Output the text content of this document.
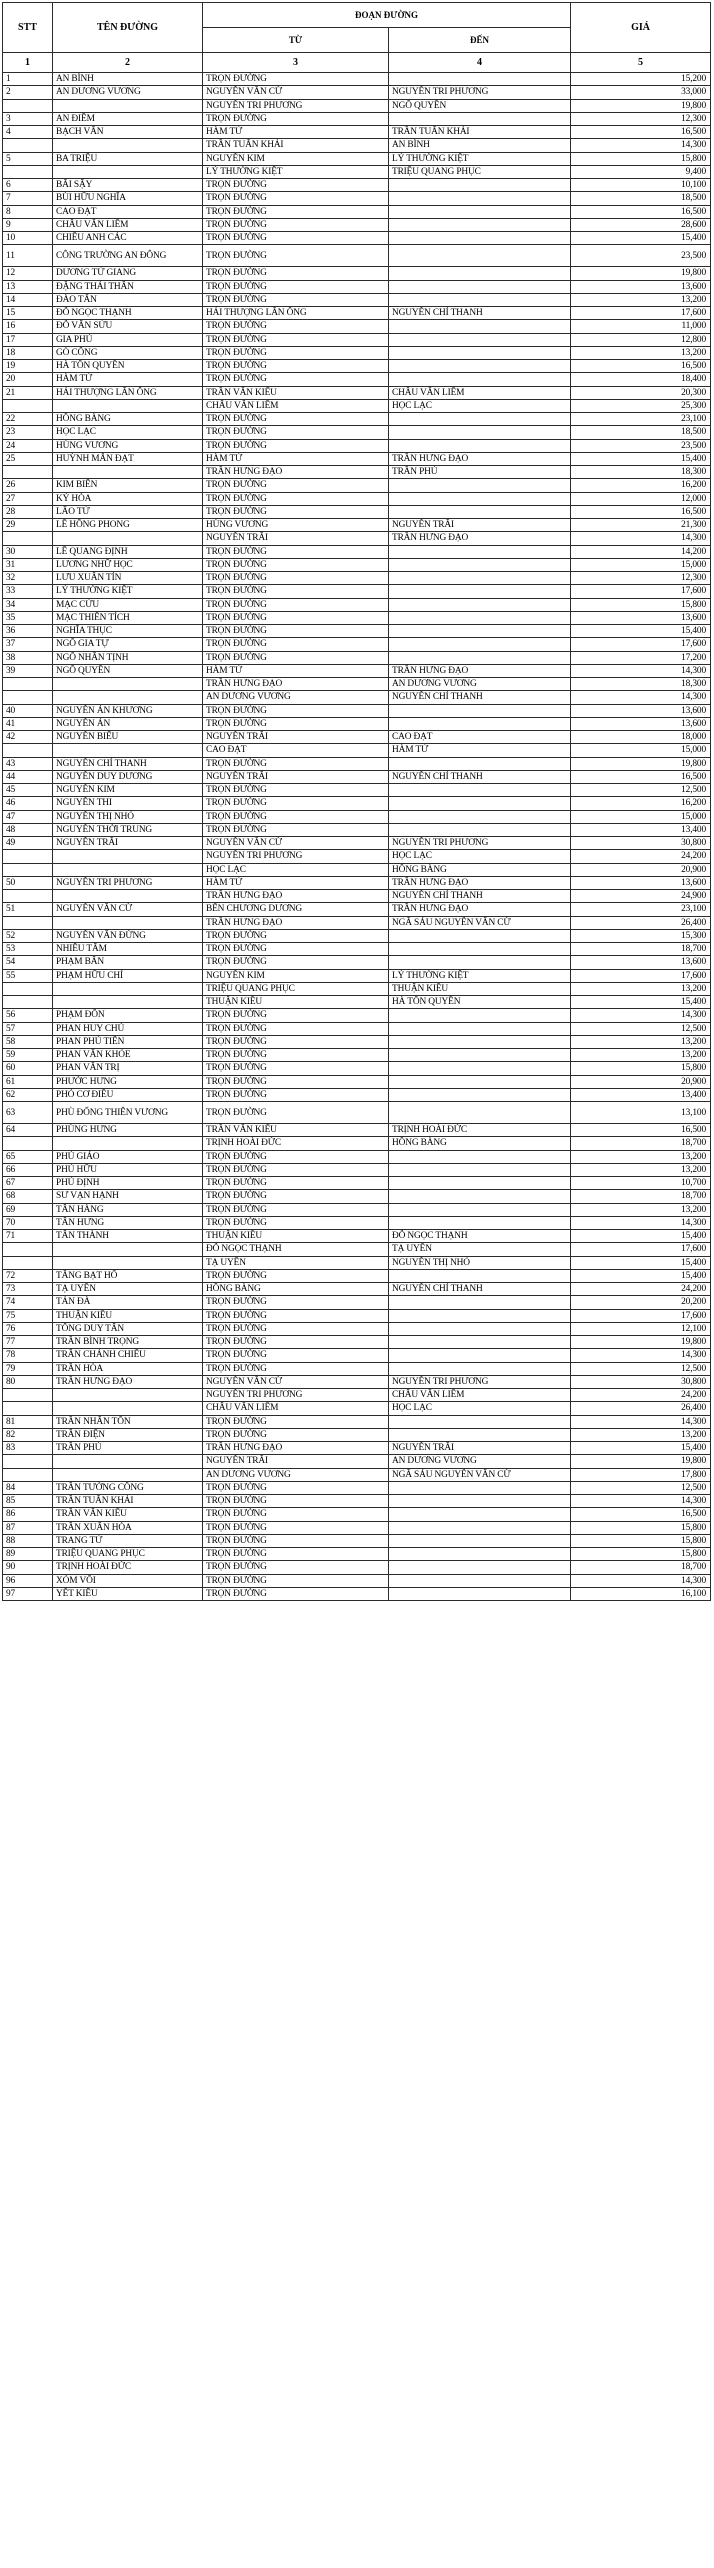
STT	TÊN ĐƯỜNG	ĐOẠN ĐƯỜNG		GIÁ
		TỪ	ĐẾN	
1	2	3	4	5
1	AN BÌNH	TRỌN ĐƯỜNG		15,200
2	AN DƯƠNG VƯƠNG	NGUYỄN VĂN CỪ	NGUYỄN TRI PHƯƠNG	33,000
		NGUYỄN TRI PHƯƠNG	NGÔ QUYỀN	19,800
3	AN ĐIỀM	TRỌN ĐƯỜNG		12,300
4	BẠCH VÂN	HÀM TỬ	TRẦN TUẤN KHẢI	16,500
		TRẦN TUẤN KHẢI	AN BÌNH	14,300
5	BA TRIỆU	NGUYỄN KIM	LÝ THƯỜNG KIỆT	15,800
		LÝ THƯỜNG KIỆT	TRIỆU QUANG PHỤC	9,400
6	BÃI SẬY	TRỌN ĐƯỜNG		10,100
7	BÙI HỮU NGHĨA	TRỌN ĐƯỜNG		18,500
8	CAO ĐẠT	TRỌN ĐƯỜNG		16,500
9	CHÂU VĂN LIÊM	TRỌN ĐƯỜNG		28,600
10	CHIÊU ANH CÁC	TRỌN ĐƯỜNG		15,400
11	CÔNG TRƯỜNG AN ĐÔNG	TRỌN ĐƯỜNG		23,500
12	DƯƠNG TỬ GIANG	TRỌN ĐƯỜNG		19,800
13	ĐẶNG THÁI THÂN	TRỌN ĐƯỜNG		13,600
14	ĐÀO TẤN	TRỌN ĐƯỜNG		13,200
15	ĐỖ NGỌC THẠNH	HẢI THƯỢNG LÃN ÔNG	NGUYỄN CHÍ THANH	17,600
16	ĐỖ VĂN SỬU	TRỌN ĐƯỜNG		11,000
17	GIA PHÚ	TRỌN ĐƯỜNG		12,800
18	GÒ CÔNG	TRỌN ĐƯỜNG		13,200
19	HÀ TÔN QUYỀN	TRỌN ĐƯỜNG		16,500
20	HÀM TỬ	TRỌN ĐƯỜNG		18,400
21	HẢI THƯỢNG LÃN ÔNG	TRẦN VĂN KIỂU	CHÂU VĂN LIÊM	20,300
		CHÂU VĂN LIÊM	HỌC LẠC	25,300
22	HỒNG BÀNG	TRỌN ĐƯỜNG		23,100
23	HỌC LẠC	TRỌN ĐƯỜNG		18,500
24	HÙNG VƯƠNG	TRỌN ĐƯỜNG		23,500
25	HUỲNH MẪN ĐẠT	HÀM TỬ	TRẦN HƯNG ĐẠO	15,400
		TRẦN HƯNG ĐẠO	TRẦN PHÚ	18,300
26	KIM BIÊN	TRỌN ĐƯỜNG		16,200
27	KÝ HÒA	TRỌN ĐƯỜNG		12,000
28	LÃO TỬ	TRỌN ĐƯỜNG		16,500
29	LÊ HỒNG PHONG	HÙNG VƯƠNG	NGUYỄN TRÃI	21,300
		NGUYỄN TRÃI	TRẦN HƯNG ĐẠO	14,300
30	LÊ QUANG ĐỊNH	TRỌN ĐƯỜNG		14,200
31	LƯƠNG NHỮ HỌC	TRỌN ĐƯỜNG		15,000
32	LƯU XUÂN TÍN	TRỌN ĐƯỜNG		12,300
33	LÝ THƯỜNG KIỆT	TRỌN ĐƯỜNG		17,600
34	MẠC CỬU	TRỌN ĐƯỜNG		15,800
35	MẠC THIÊN TÍCH	TRỌN ĐƯỜNG		13,600
36	NGHĨA THỤC	TRỌN ĐƯỜNG		15,400
37	NGÔ GIA TỰ	TRỌN ĐƯỜNG		17,600
38	NGÔ NHÂN TỊNH	TRỌN ĐƯỜNG		17,200
39	NGÔ QUYỀN	HÀM TỬ	TRẦN HƯNG ĐẠO	14,300
		TRẦN HƯNG ĐẠO	AN DƯƠNG VƯƠNG	18,300
		AN DƯƠNG VƯƠNG	NGUYỄN CHÍ THANH	14,300
40	NGUYỄN ÁN KHƯƠNG	TRỌN ĐƯỜNG		13,600
41	NGUYỄN ÁN	TRỌN ĐƯỜNG		13,600
42	NGUYỄN BIỂU	NGUYỄN TRÃI	CAO ĐẠT	18,000
		CAO ĐẠT	HÀM TỬ	15,000
43	NGUYỄN CHÍ THANH	TRỌN ĐƯỜNG		19,800
44	NGUYỄN DUY DƯƠNG	NGUYỄN TRÃI	NGUYỄN CHÍ THANH	16,500
45	NGUYỄN KIM	TRỌN ĐƯỜNG		12,500
46	NGUYỄN THI	TRỌN ĐƯỜNG		16,200
47	NGUYỄN THỊ NHỎ	TRỌN ĐƯỜNG		15,000
48	NGUYỄN THỜI TRUNG	TRỌN ĐƯỜNG		13,400
49	NGUYỄN TRÃI	NGUYỄN VĂN CỪ	NGUYỄN TRI PHƯƠNG	30,800
		NGUYỄN TRI PHƯƠNG	HỌC LẠC	24,200
		HỌC LẠC	HỒNG BÀNG	20,900
50	NGUYỄN TRI PHƯƠNG	HÀM TỬ	TRẦN HƯNG ĐẠO	13,600
		TRẦN HƯNG ĐẠO	NGUYỄN CHÍ THANH	24,900
51	NGUYỄN VĂN CỪ	BẾN CHƯƠNG DƯƠNG	TRẦN HƯNG ĐẠO	23,100
		TRẦN HƯNG ĐẠO	NGÃ SÁU NGUYỄN VĂN CỪ	26,400
52	NGUYỄN VĂN ĐỪNG	TRỌN ĐƯỜNG		15,300
53	NHIÊU TÂM	TRỌN ĐƯỜNG		18,700
54	PHẠM BÂN	TRỌN ĐƯỜNG		13,600
55	PHẠM HỮU CHÍ	NGUYỄN KIM	LÝ THƯỜNG KIỆT	17,600
		TRIỆU QUANG PHỤC	THUẬN KIỀU	13,200
		THUẬN KIỀU	HÀ TÔN QUYỀN	15,400
56	PHẠM ĐÔN	TRỌN ĐƯỜNG		14,300
57	PHAN HUY CHÚ	TRỌN ĐƯỜNG		12,500
58	PHAN PHÚ TIÊN	TRỌN ĐƯỜNG		13,200
59	PHAN VĂN KHỎE	TRỌN ĐƯỜNG		13,200
60	PHAN VĂN TRỊ	TRỌN ĐƯỜNG		15,800
61	PHƯỚC HƯNG	TRỌN ĐƯỜNG		20,900
62	PHÓ CƠ ĐIỀU	TRỌN ĐƯỜNG		13,400
63	PHÙ ĐỔNG THIÊN VƯƠNG	TRỌN ĐƯỜNG		13,100
64	PHÙNG HƯNG	TRẦN VĂN KIỂU	TRỊNH HOÀI ĐỨC	16,500
		TRỊNH HOÀI ĐỨC	HỒNG BÀNG	18,700
65	PHÚ GIÁO	TRỌN ĐƯỜNG		13,200
66	PHÚ HỮU	TRỌN ĐƯỜNG		13,200
67	PHÚ ĐỊNH	TRỌN ĐƯỜNG		10,700
68	SƯ VẠN HẠNH	TRỌN ĐƯỜNG		18,700
69	TÂN HÀNG	TRỌN ĐƯỜNG		13,200
70	TÂN HƯNG	TRỌN ĐƯỜNG		14,300
71	TÂN THÀNH	THUẬN KIỀU	ĐỖ NGỌC THẠNH	15,400
		ĐỖ NGỌC THẠNH	TẠ UYÊN	17,600
		TẠ UYÊN	NGUYỄN THỊ NHỎ	15,400
72	TĂNG BẠT HỔ	TRỌN ĐƯỜNG		15,400
73	TẠ UYÊN	HỒNG BÀNG	NGUYỄN CHÍ THANH	24,200
74	TẢN ĐÀ	TRỌN ĐƯỜNG		20,200
75	THUẬN KIỀU	TRỌN ĐƯỜNG		17,600
76	TÔNG DUY TÂN	TRỌN ĐƯỜNG		12,100
77	TRẦN BÌNH TRỌNG	TRỌN ĐƯỜNG		19,800
78	TRẦN CHÁNH CHIẾU	TRỌN ĐƯỜNG		14,300
79	TRẦN HÒA	TRỌN ĐƯỜNG		12,500
80	TRẦN HƯNG ĐẠO	NGUYỄN VĂN CỪ	NGUYỄN TRI PHƯƠNG	30,800
		NGUYỄN TRI PHƯƠNG	CHÂU VĂN LIÊM	24,200
		CHÂU VĂN LIÊM	HỌC LẠC	26,400
81	TRẦN NHÂN TÔN	TRỌN ĐƯỜNG		14,300
82	TRẦN ĐIỆN	TRỌN ĐƯỜNG		13,200
83	TRẦN PHÚ	TRẦN HƯNG ĐẠO	NGUYỄN TRÃI	15,400
		NGUYỄN TRÃI	AN DƯƠNG VƯƠNG	19,800
		AN DƯƠNG VƯƠNG	NGÃ SÁU NGUYỄN VĂN CỪ	17,800
84	TRẦN TƯỚNG CÔNG	TRỌN ĐƯỜNG		12,500
85	TRẦN TUẤN KHẢI	TRỌN ĐƯỜNG		14,300
86	TRẦN VĂN KIỂU	TRỌN ĐƯỜNG		16,500
87	TRẦN XUÂN HÒA	TRỌN ĐƯỜNG		15,800
88	TRANG TỬ	TRỌN ĐƯỜNG		15,800
89	TRIỆU QUANG PHỤC	TRỌN ĐƯỜNG		15,800
90	TRỊNH HOÀI ĐỨC	TRỌN ĐƯỜNG		18,700
96	XÓM VÔI	TRỌN ĐƯỜNG		14,300
97	YẾT KIÊU	TRỌN ĐƯỜNG		16,100
